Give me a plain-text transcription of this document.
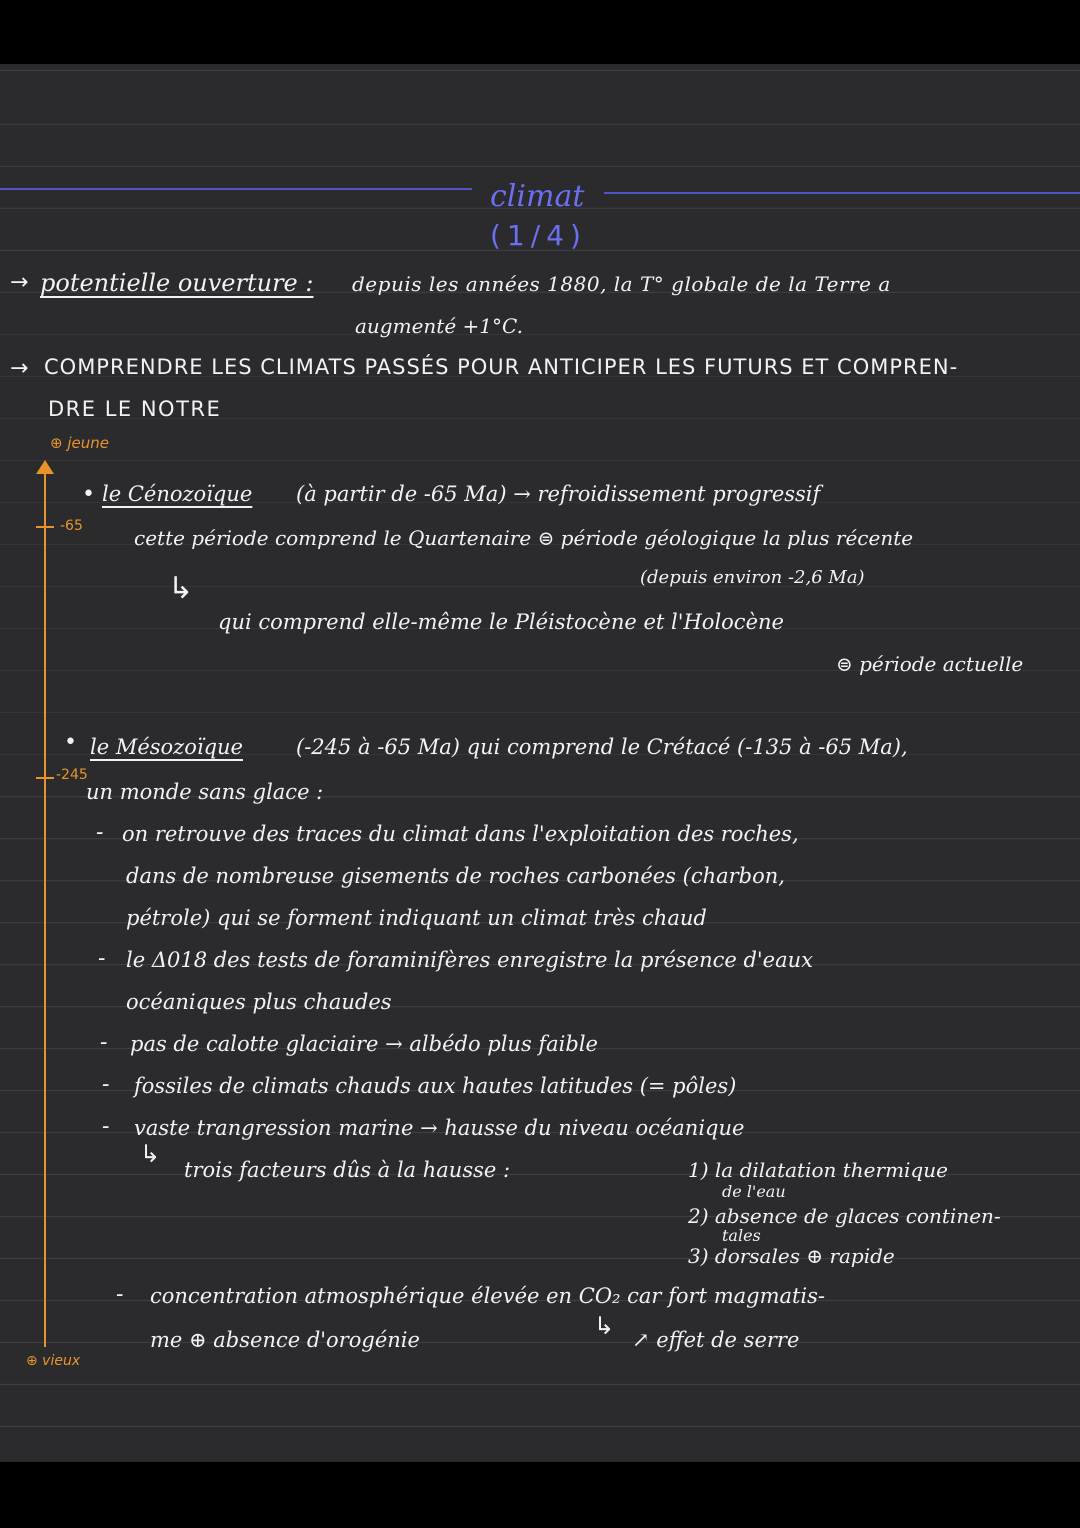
climat
(1/4)
→ potentielle ouverture : depuis les années 1880, la T° globale de la Terre a
augmenté +1°C.
→ COMPRENDRE LES CLIMATS PASSÉS POUR ANTICIPER LES FUTURS ET COMPREN-
DRE LE NOTRE
⊕ jeune
-65
-245
⊕ vieux
• le Cénozoïque (à partir de -65 Ma) → refroidissement progressif
cette période comprend le Quartenaire ⊜ période géologique la plus récente
(depuis environ -2,6 Ma)
↳
qui comprend elle-même le Pléistocène et l'Holocène
⊜ période actuelle
• le Mésozoïque	(-245 à -65 Ma) qui comprend le Crétacé (-135 à -65 Ma),
un monde sans glace :
- on retrouve des traces du climat dans l'exploitation des roches,
dans de nombreuse gisements de roches carbonées (charbon,
pétrole) qui se forment indiquant un climat très chaud
- le Δ018 des tests de foraminifères enregistre la présence d'eaux
océaniques plus chaudes
- pas de calotte glaciaire → albédo plus faible
- fossiles de climats chauds aux hautes latitudes (= pôles)
- vaste trangression marine → hausse du niveau océanique
↳
trois facteurs dûs à la hausse :	1) la dilatation thermique
de l'eau
2) absence de glaces continen-
tales
3) dorsales ⊕ rapide
- concentration atmosphérique élevée en CO₂ car fort magmatis-
me ⊕ absence d'orogénie	↳ ↗ effet de serre
